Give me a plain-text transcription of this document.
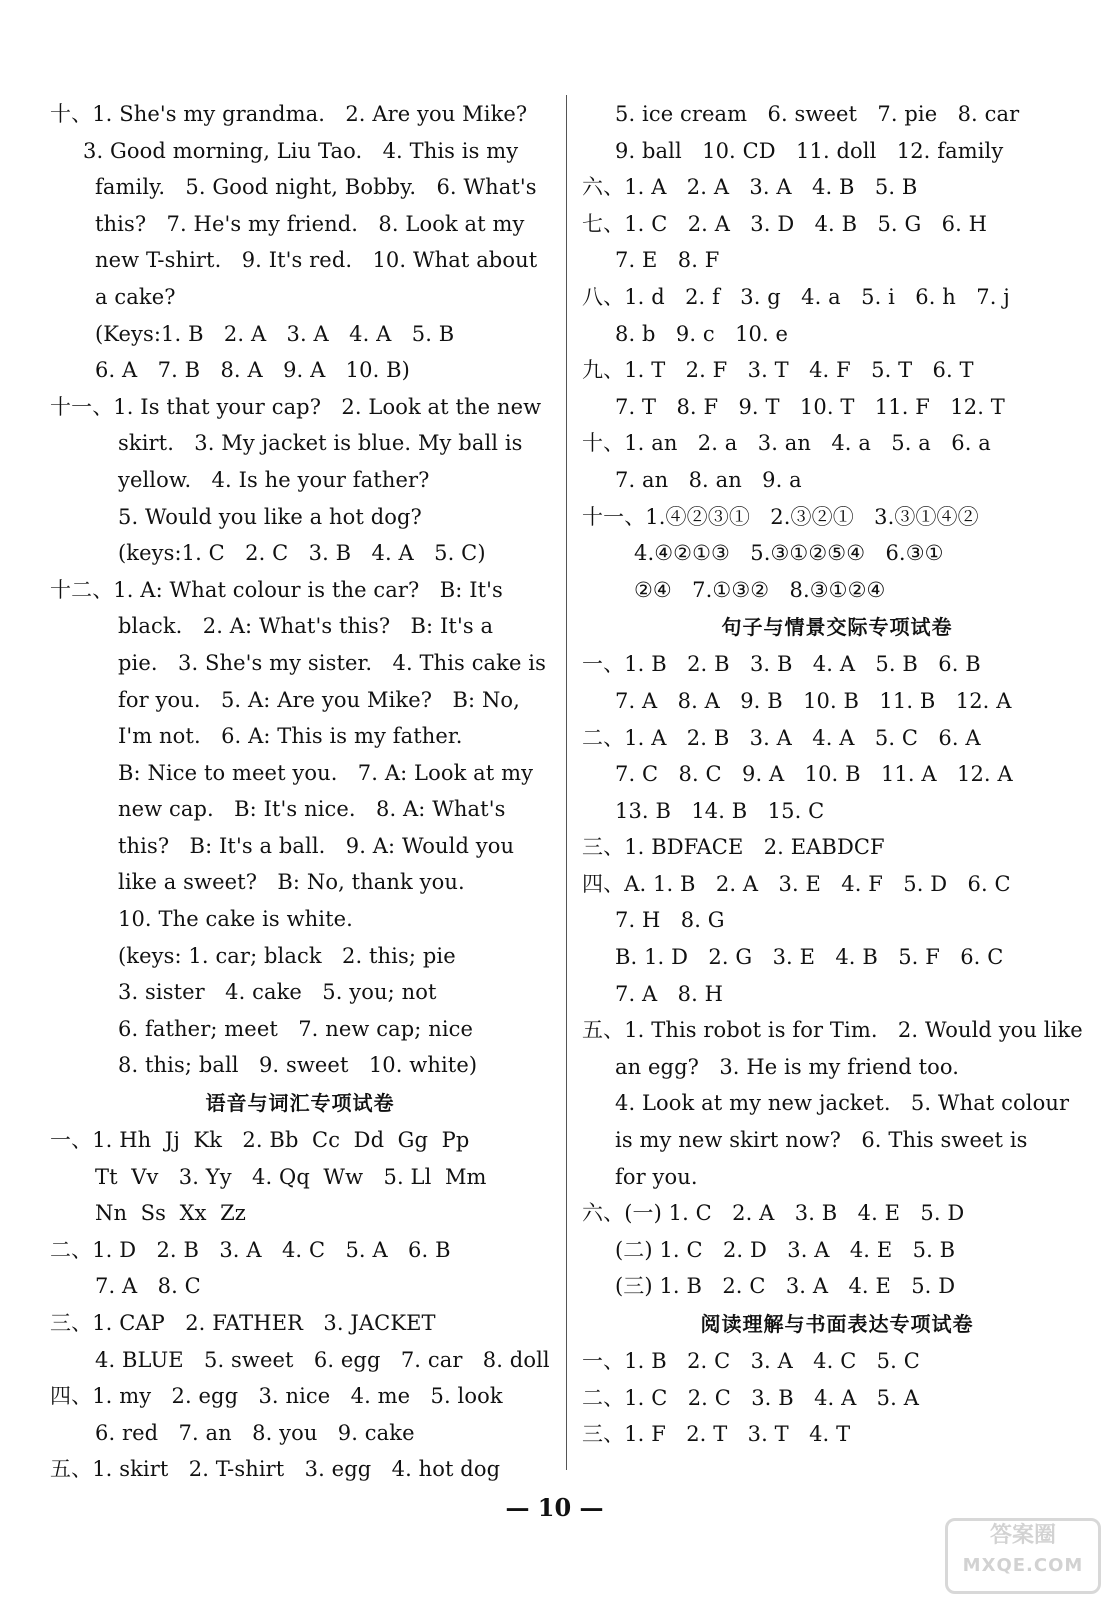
十、1. She's my grandma.   2. Are you Mike?
3. Good morning, Liu Tao.   4. This is my
family.   5. Good night, Bobby.   6. What's
this?   7. He's my friend.   8. Look at my
new T-shirt.   9. It's red.   10. What about
a cake?
(Keys:1. B   2. A   3. A   4. A   5. B
6. A   7. B   8. A   9. A   10. B)
十一、1. Is that your cap?   2. Look at the new
skirt.   3. My jacket is blue. My ball is
yellow.   4. Is he your father?
5. Would you like a hot dog?
(keys:1. C   2. C   3. B   4. A   5. C)
十二、1. A: What colour is the car?   B: It's
black.   2. A: What's this?   B: It's a
pie.   3. She's my sister.   4. This cake is
for you.   5. A: Are you Mike?   B: No,
I'm not.   6. A: This is my father.
B: Nice to meet you.   7. A: Look at my
new cap.   B: It's nice.   8. A: What's
this?   B: It's a ball.   9. A: Would you
like a sweet?   B: No, thank you.
10. The cake is white.
(keys: 1. car; black   2. this; pie
3. sister   4. cake   5. you; not
6. father; meet   7. new cap; nice
8. this; ball   9. sweet   10. white)
语音与词汇专项试卷
一、1. Hh  Jj  Kk   2. Bb  Cc  Dd  Gg  Pp
Tt  Vv   3. Yy   4. Qq  Ww   5. Ll  Mm
Nn  Ss  Xx  Zz
二、1. D   2. B   3. A   4. C   5. A   6. B
7. A   8. C
三、1. CAP   2. FATHER   3. JACKET
4. BLUE   5. sweet   6. egg   7. car   8. doll
四、1. my   2. egg   3. nice   4. me   5. look
6. red   7. an   8. you   9. cake
五、1. skirt   2. T-shirt   3. egg   4. hot dog
5. ice cream   6. sweet   7. pie   8. car
9. ball   10. CD   11. doll   12. family
六、1. A   2. A   3. A   4. B   5. B
七、1. C   2. A   3. D   4. B   5. G   6. H
7. E   8. F
八、1. d   2. f   3. g   4. a   5. i   6. h   7. j
8. b   9. c   10. e
九、1. T   2. F   3. T   4. F   5. T   6. T
7. T   8. F   9. T   10. T   11. F   12. T
十、1. an   2. a   3. an   4. a   5. a   6. a
7. an   8. an   9. a
十一、1.④②③①   2.③②①   3.③①④②
4.④②①③   5.③①②⑤④   6.③①
②④   7.①③②   8.③①②④
句子与情景交际专项试卷
一、1. B   2. B   3. B   4. A   5. B   6. B
7. A   8. A   9. B   10. B   11. B   12. A
二、1. A   2. B   3. A   4. A   5. C   6. A
7. C   8. C   9. A   10. B   11. A   12. A
13. B   14. B   15. C
三、1. BDFACE   2. EABDCF
四、A. 1. B   2. A   3. E   4. F   5. D   6. C
7. H   8. G
B. 1. D   2. G   3. E   4. B   5. F   6. C
7. A   8. H
五、1. This robot is for Tim.   2. Would you like
an egg?   3. He is my friend too.
4. Look at my new jacket.   5. What colour
is my new skirt now?   6. This sweet is
for you.
六、(一) 1. C   2. A   3. B   4. E   5. D
(二) 1. C   2. D   3. A   4. E   5. B
(三) 1. B   2. C   3. A   4. E   5. D
阅读理解与书面表达专项试卷
一、1. B   2. C   3. A   4. C   5. C
二、1. C   2. C   3. B   4. A   5. A
三、1. F   2. T   3. T   4. T
— 10 —
答案圈
MXQE.COM
